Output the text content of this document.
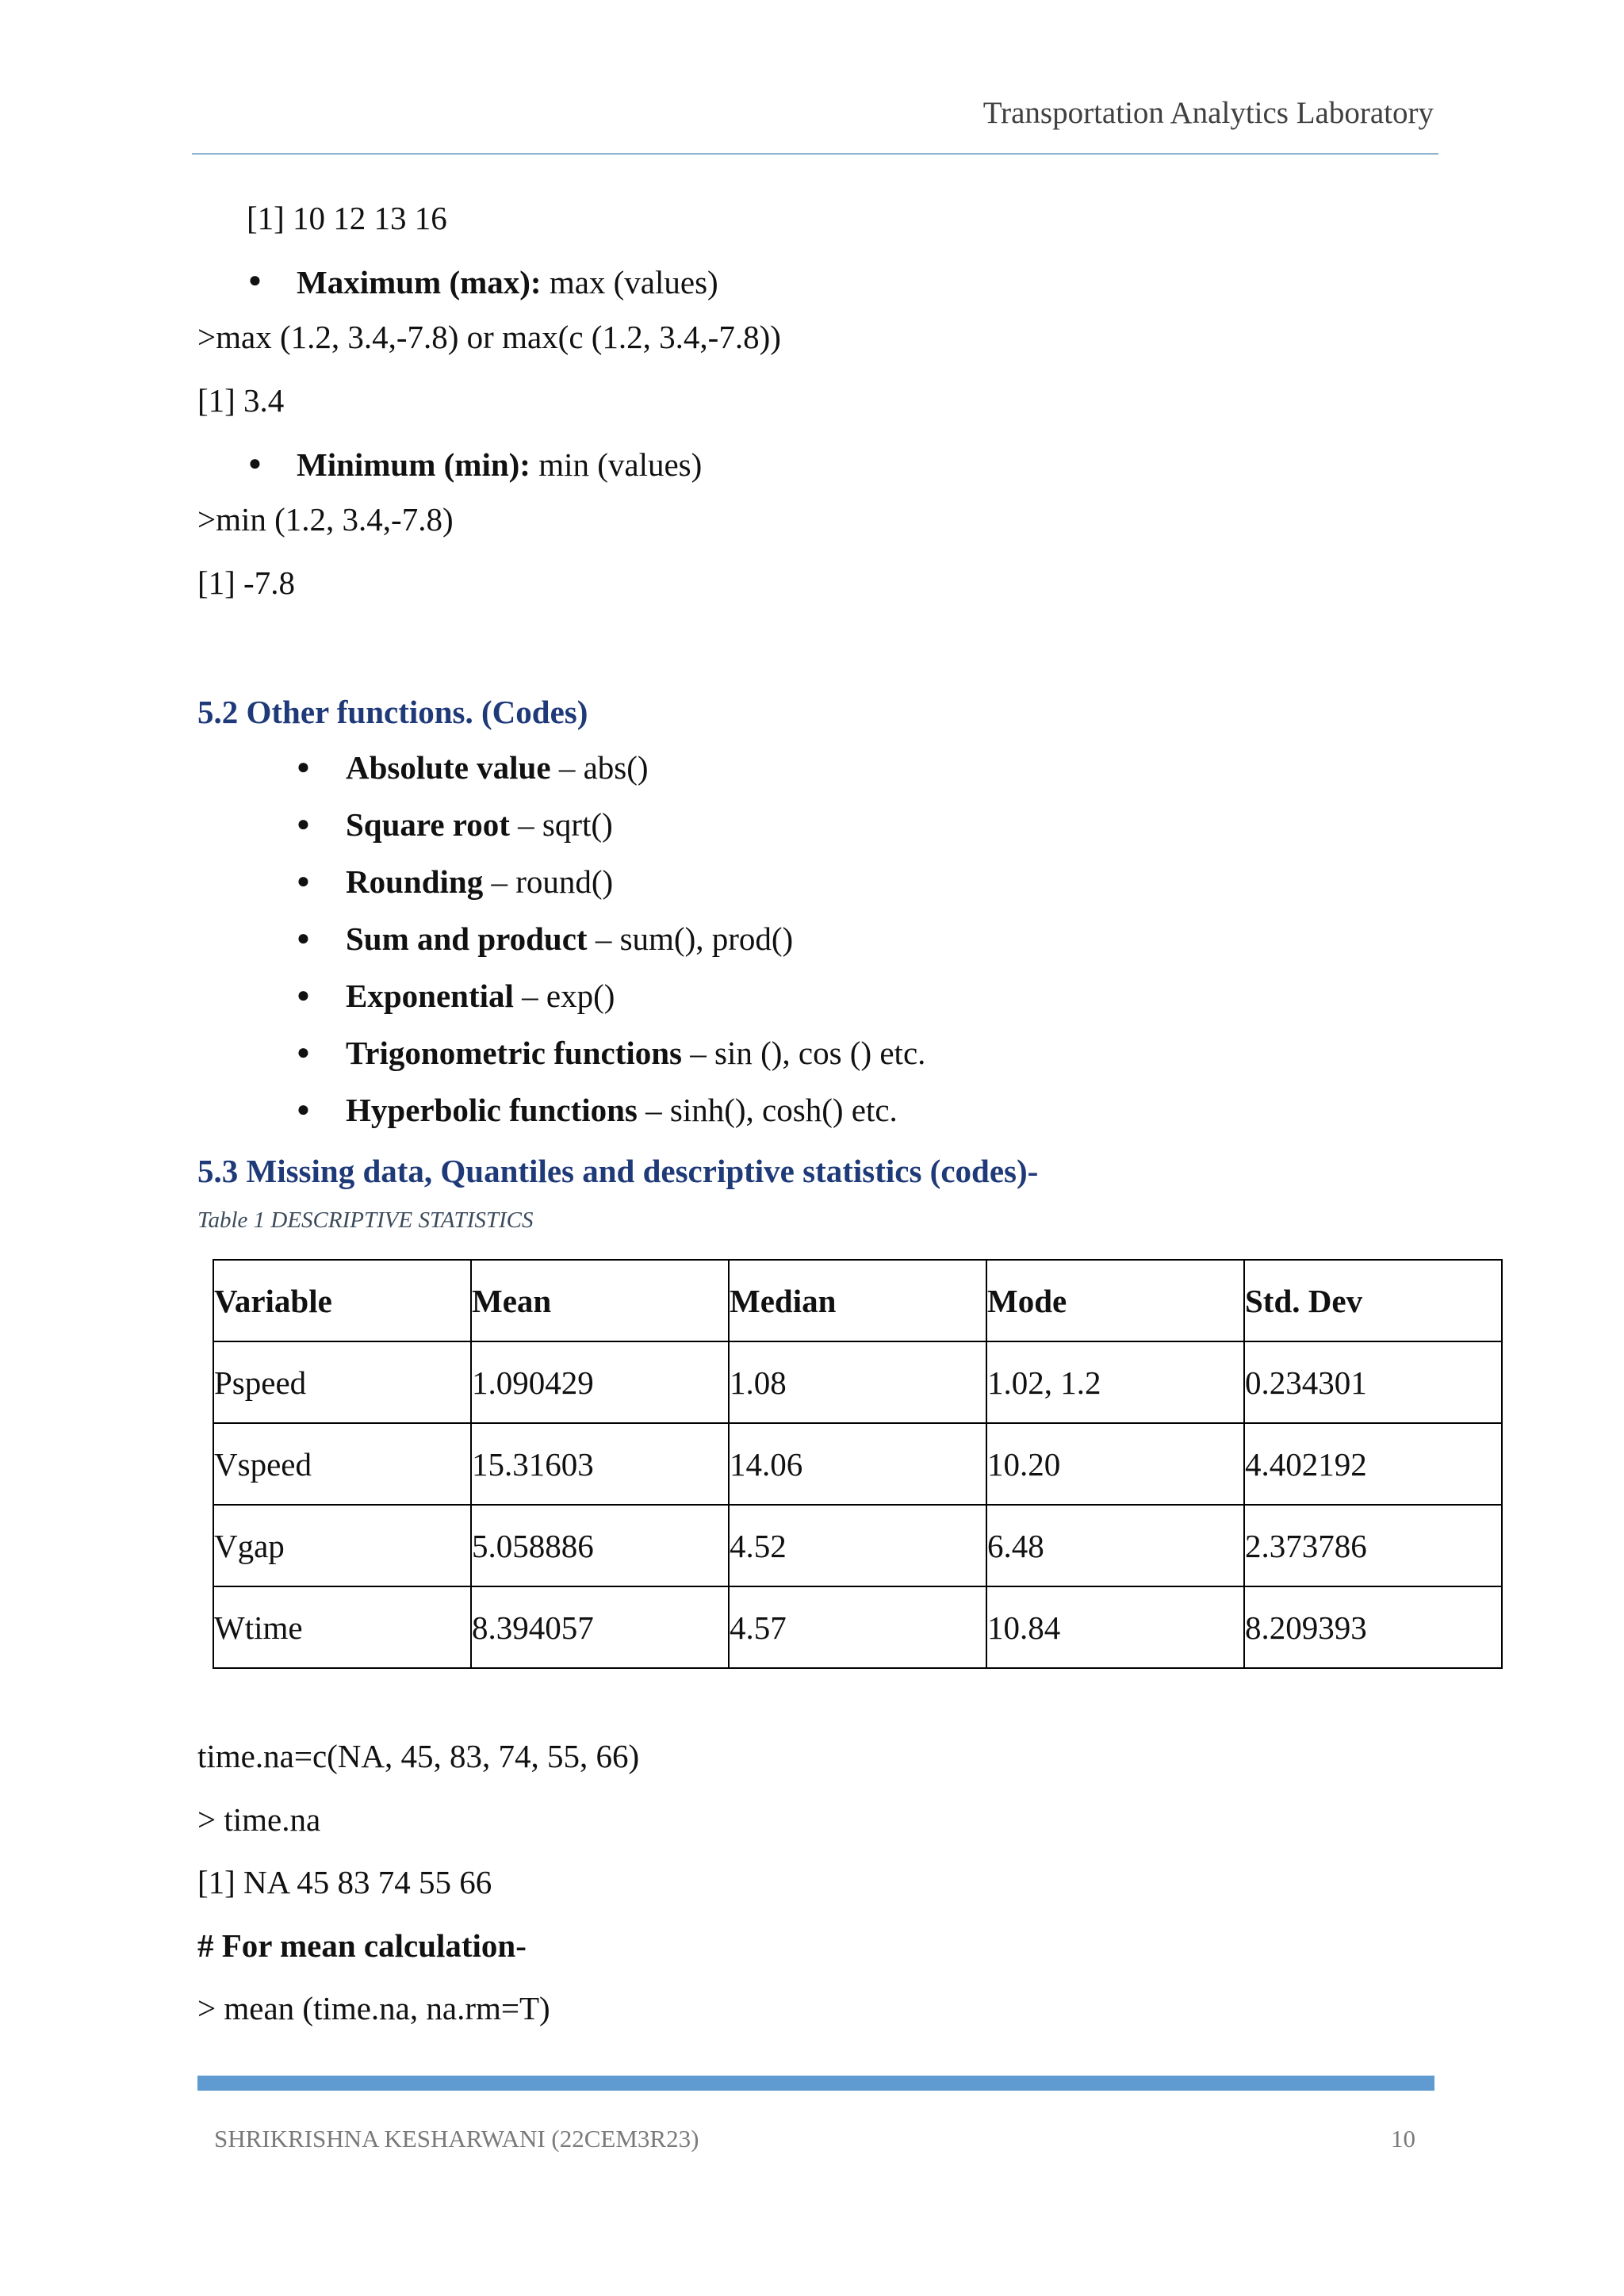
Transportation Analytics Laboratory
[1] 10 12 13 16
● Maximum (max): max (values)
>max (1.2, 3.4,-7.8) or max(c (1.2, 3.4,-7.8))
[1] 3.4
● Minimum (min): min (values)
>min (1.2, 3.4,-7.8)
[1] -7.8
5.2 Other functions. (Codes)
● Absolute value – abs()
● Square root – sqrt()
● Rounding – round()
● Sum and product – sum(), prod()
● Exponential – exp()
● Trigonometric functions – sin (), cos () etc.
● Hyperbolic functions – sinh(), cosh() etc.
5.3 Missing data, Quantiles and descriptive statistics (codes)-
Table 1 DESCRIPTIVE STATISTICS
Variable	Mean	Median	Mode	Std. Dev
Pspeed	1.090429	1.08	1.02, 1.2	0.234301
Vspeed	15.31603	14.06	10.20	4.402192
Vgap	5.058886	4.52	6.48	2.373786
Wtime	8.394057	4.57	10.84	8.209393
time.na=c(NA, 45, 83, 74, 55, 66)
> time.na
[1] NA 45 83 74 55 66
# For mean calculation-
> mean (time.na, na.rm=T)
SHRIKRISHNA KESHARWANI (22CEM3R23)	10
